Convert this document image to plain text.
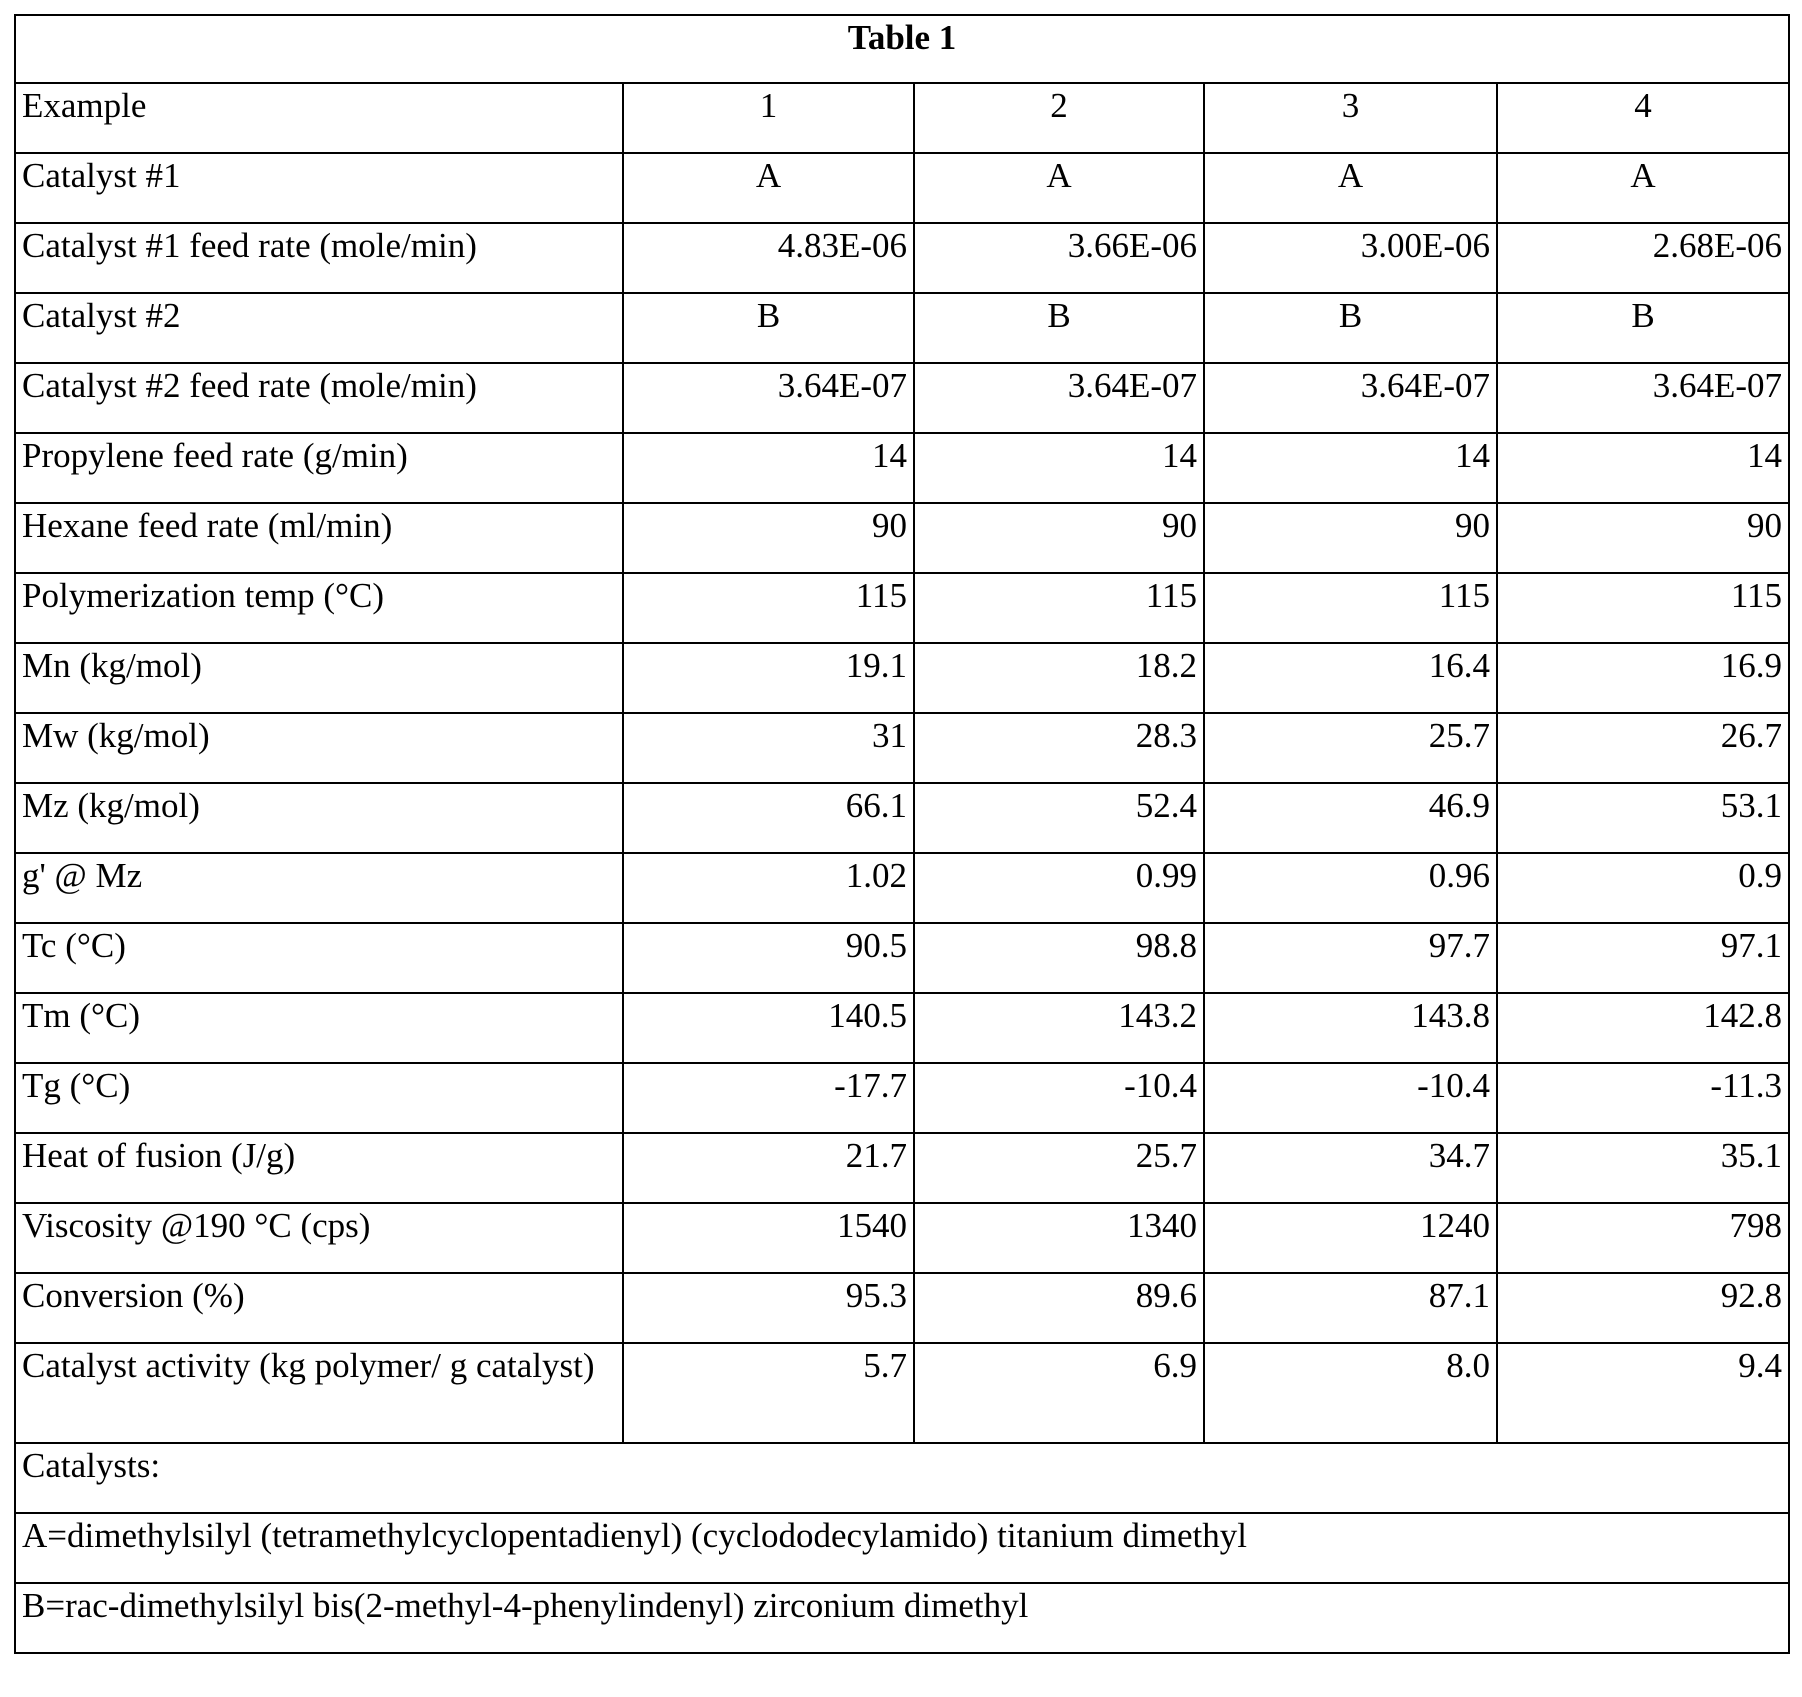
Table 1
Example	1	2	3	4
Catalyst #1	A	A	A	A
Catalyst #1 feed rate (mole/min)	4.83E-06	3.66E-06	3.00E-06	2.68E-06
Catalyst #2	B	B	B	B
Catalyst #2 feed rate (mole/min)	3.64E-07	3.64E-07	3.64E-07	3.64E-07
Propylene feed rate (g/min)	14	14	14	14
Hexane feed rate (ml/min)	90	90	90	90
Polymerization temp (°C)	115	115	115	115
Mn (kg/mol)	19.1	18.2	16.4	16.9
Mw (kg/mol)	31	28.3	25.7	26.7
Mz (kg/mol)	66.1	52.4	46.9	53.1
g' @ Mz	1.02	0.99	0.96	0.9
Tc (°C)	90.5	98.8	97.7	97.1
Tm (°C)	140.5	143.2	143.8	142.8
Tg (°C)	-17.7	-10.4	-10.4	-11.3
Heat of fusion (J/g)	21.7	25.7	34.7	35.1
Viscosity @190 °C (cps)	1540	1340	1240	798
Conversion (%)	95.3	89.6	87.1	92.8
Catalyst activity (kg polymer/ g catalyst)	5.7	6.9	8.0	9.4
Catalysts:
A=dimethylsilyl (tetramethylcyclopentadienyl) (cyclododecylamido) titanium dimethyl
B=rac-dimethylsilyl bis(2-methyl-4-phenylindenyl) zirconium dimethyl
